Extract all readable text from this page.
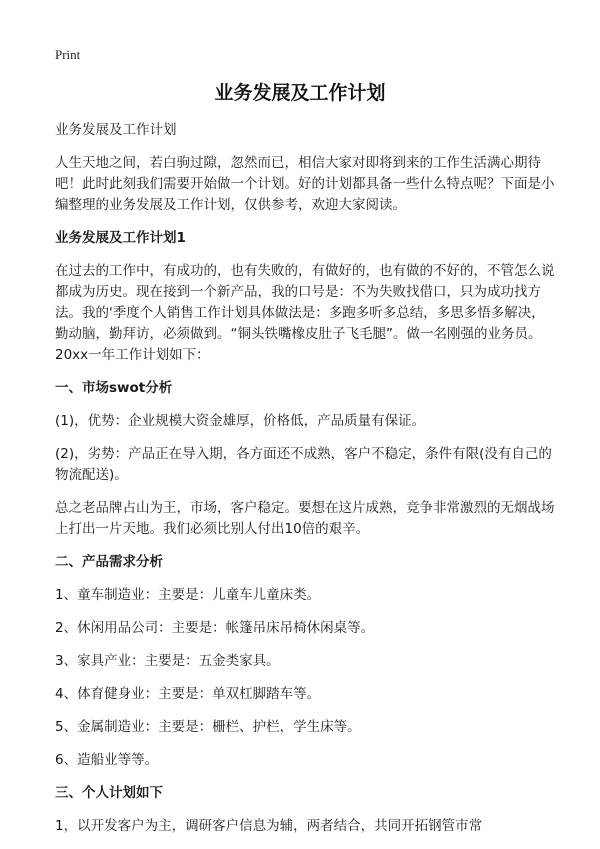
Print
业务发展及工作计划

业务发展及工作计划

人生天地之间，若白驹过隙，忽然而已，相信大家对即将到来的工作生活满心期待吧！此时此刻我们需要开始做一个计划。好的计划都具备一些什么特点呢？下面是小编整理的业务发展及工作计划，仅供参考，欢迎大家阅读。

业务发展及工作计划1

在过去的工作中，有成功的，也有失败的，有做好的，也有做的不好的，不管怎么说都成为历史。现在接到一个新产品，我的口号是：不为失败找借口，只为成功找方法。我的'季度个人销售工作计划具体做法是：多跑多听多总结，多思多悟多解决，勤动脑，勤拜访，必须做到。“铜头铁嘴橡皮肚子飞毛腿”。做一名刚强的业务员。20xx一年工作计划如下：

一、市场swot分析

(1)，优势：企业规模大资金雄厚，价格低，产品质量有保证。

(2)，劣势：产品正在导入期，各方面还不成熟，客户不稳定，条件有限(没有自己的物流配送)。

总之老品牌占山为王，市场，客户稳定。要想在这片成熟，竞争非常激烈的无烟战场上打出一片天地。我们必须比别人付出10倍的艰辛。

二、产品需求分析
1、童车制造业：主要是：儿童车儿童床类。
2、休闲用品公司：主要是：帐篷吊床吊椅休闲桌等。
3、家具产业：主要是：五金类家具。
4、体育健身业：主要是：单双杠脚踏车等。
5、金属制造业：主要是：栅栏、护栏，学生床等。
6、造船业等等。
三、个人计划如下

1，以开发客户为主，调研客户信息为辅，两者结合，共同开拓钢管市常
